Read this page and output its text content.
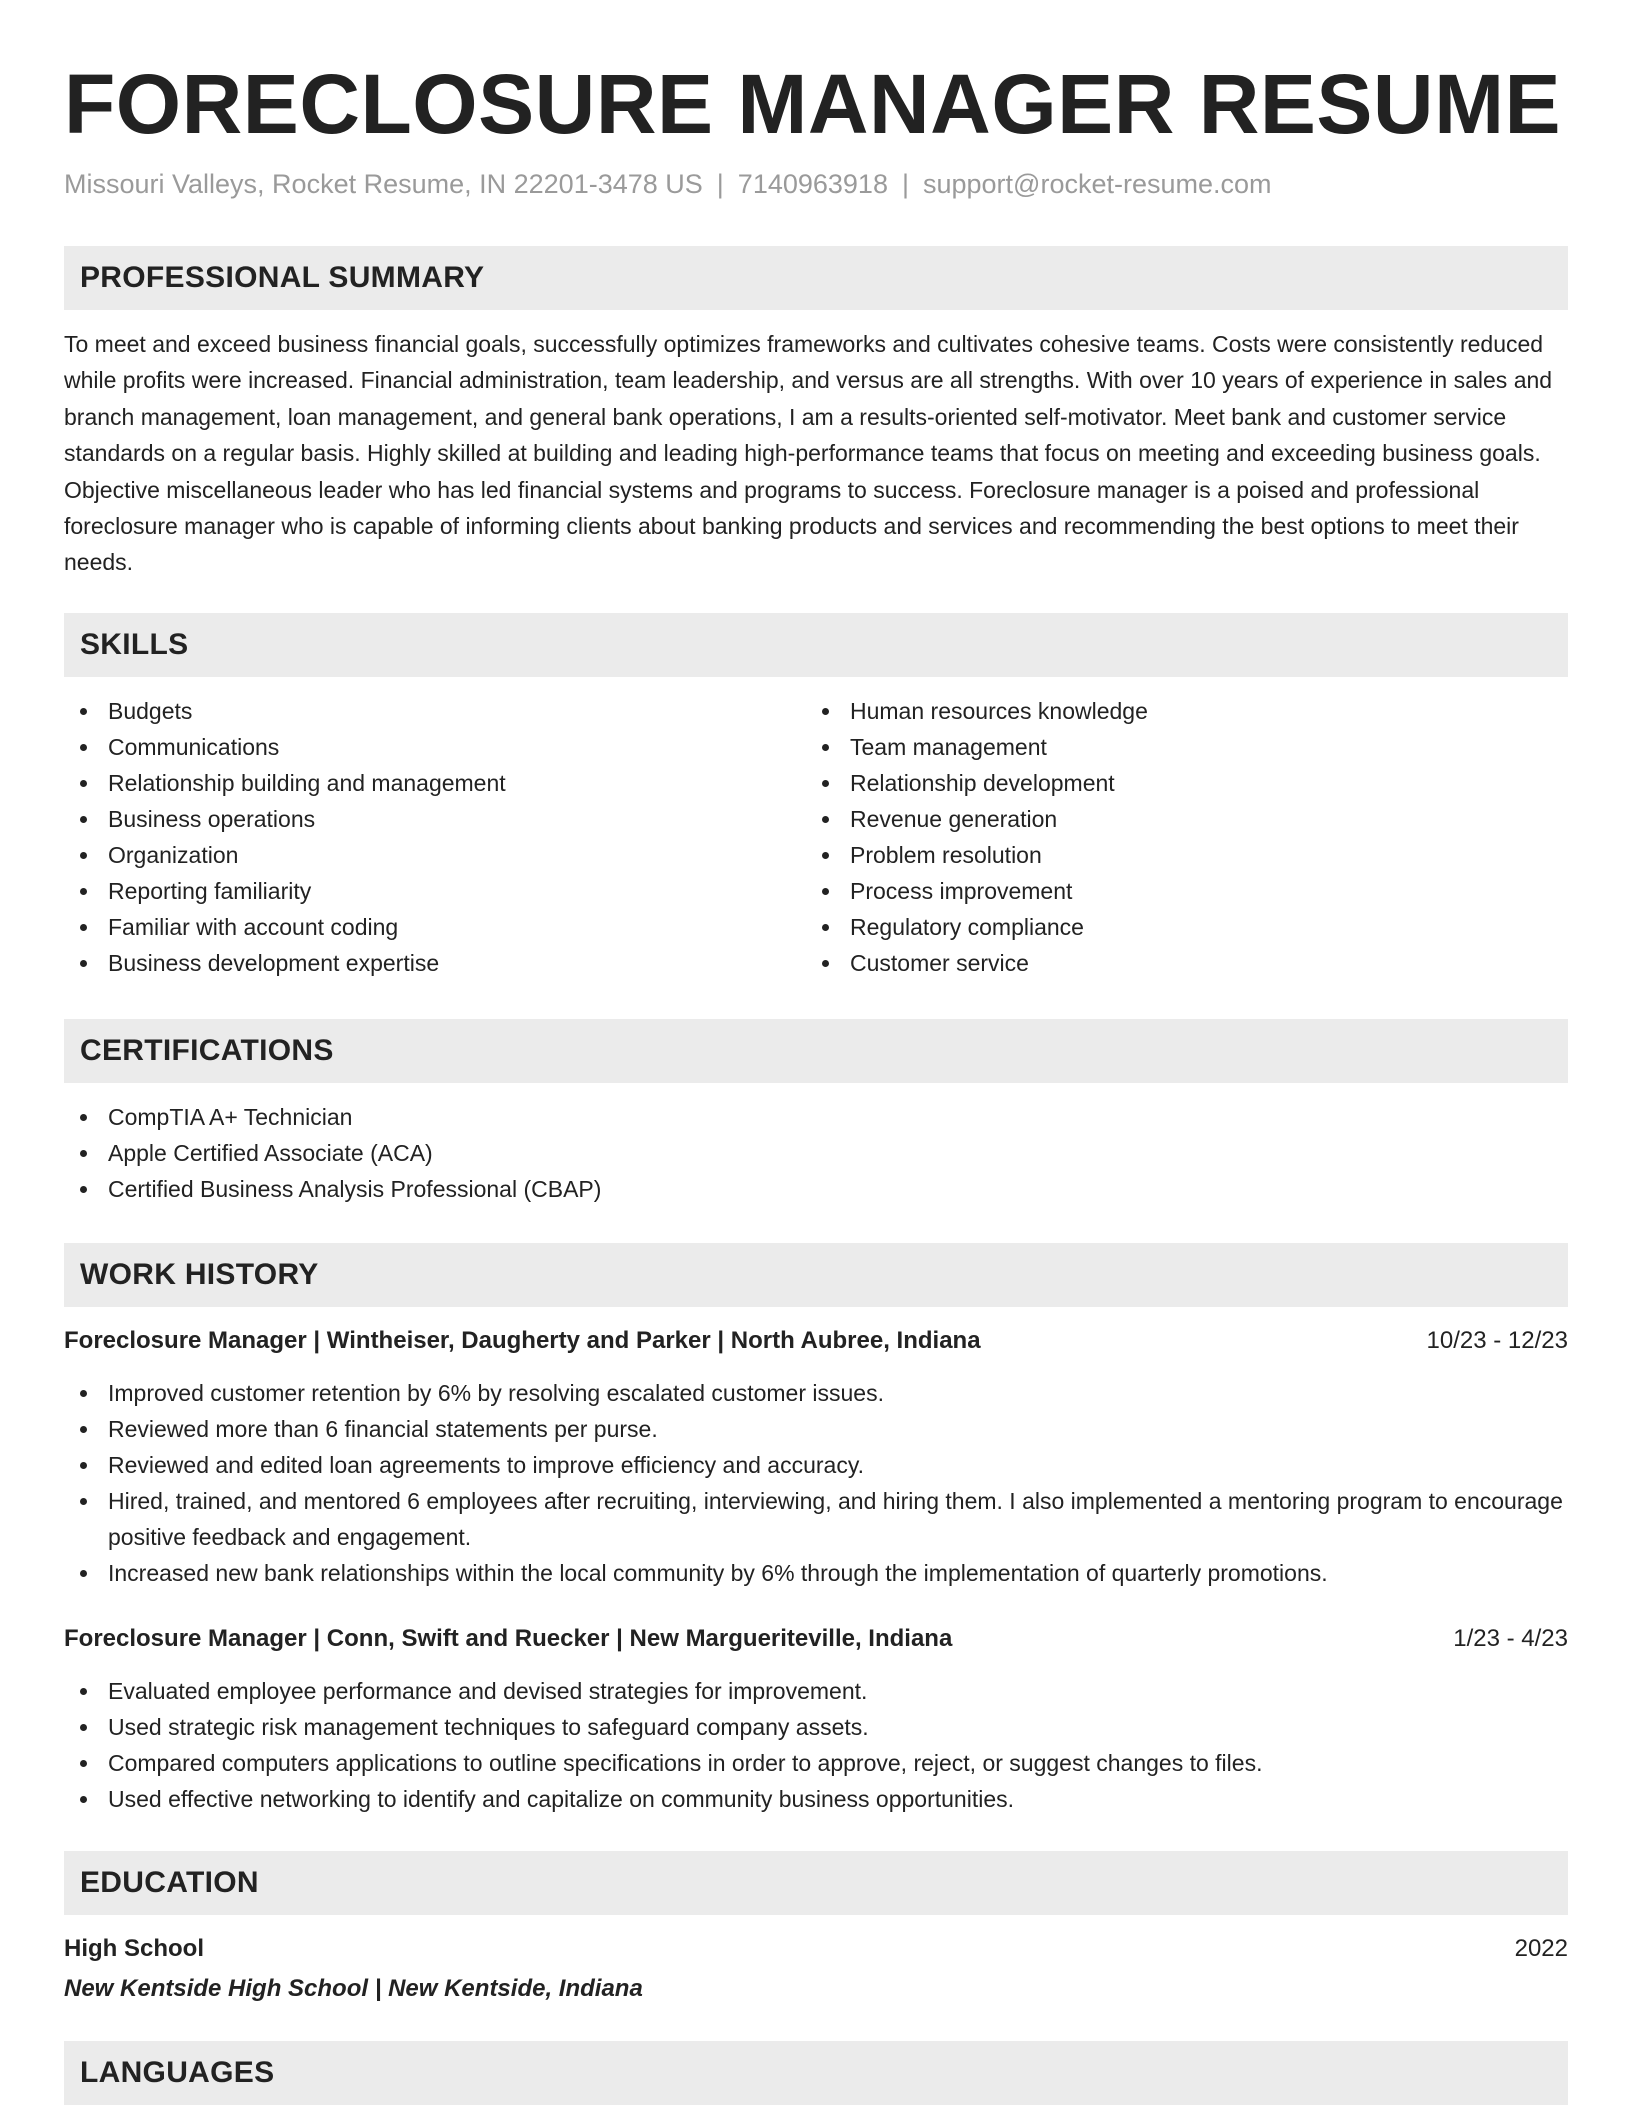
FORECLOSURE MANAGER RESUME
Missouri Valleys, Rocket Resume, IN 22201-3478 US | 7140963918 | support@rocket-resume.com
PROFESSIONAL SUMMARY

To meet and exceed business financial goals, successfully optimizes frameworks and cultivates cohesive teams. Costs were consistently reduced while profits were increased. Financial administration, team leadership, and versus are all strengths. With over 10 years of experience in sales and branch management, loan management, and general bank operations, I am a results-oriented self-motivator. Meet bank and customer service standards on a regular basis. Highly skilled at building and leading high-performance teams that focus on meeting and exceeding business goals. Objective miscellaneous leader who has led financial systems and programs to success. Foreclosure manager is a poised and professional foreclosure manager who is capable of informing clients about banking products and services and recommending the best options to meet their needs.

SKILLS
Budgets
Communications
Relationship building and management
Business operations
Organization
Reporting familiarity
Familiar with account coding
Business development expertise
Human resources knowledge
Team management
Relationship development
Revenue generation
Problem resolution
Process improvement
Regulatory compliance
Customer service
CERTIFICATIONS
CompTIA A+ Technician
Apple Certified Associate (ACA)
Certified Business Analysis Professional (CBAP)
WORK HISTORY
Foreclosure Manager | Wintheiser, Daugherty and Parker | North Aubree, Indiana	10/23 - 12/23
Improved customer retention by 6% by resolving escalated customer issues.
Reviewed more than 6 financial statements per purse.
Reviewed and edited loan agreements to improve efficiency and accuracy.
Hired, trained, and mentored 6 employees after recruiting, interviewing, and hiring them. I also implemented a mentoring program to encourage positive feedback and engagement.
Increased new bank relationships within the local community by 6% through the implementation of quarterly promotions.
Foreclosure Manager | Conn, Swift and Ruecker | New Margueriteville, Indiana	1/23 - 4/23
Evaluated employee performance and devised strategies for improvement.
Used strategic risk management techniques to safeguard company assets.
Compared computers applications to outline specifications in order to approve, reject, or suggest changes to files.
Used effective networking to identify and capitalize on community business opportunities.
EDUCATION
High School	2022
New Kentside High School | New Kentside, Indiana
LANGUAGES
